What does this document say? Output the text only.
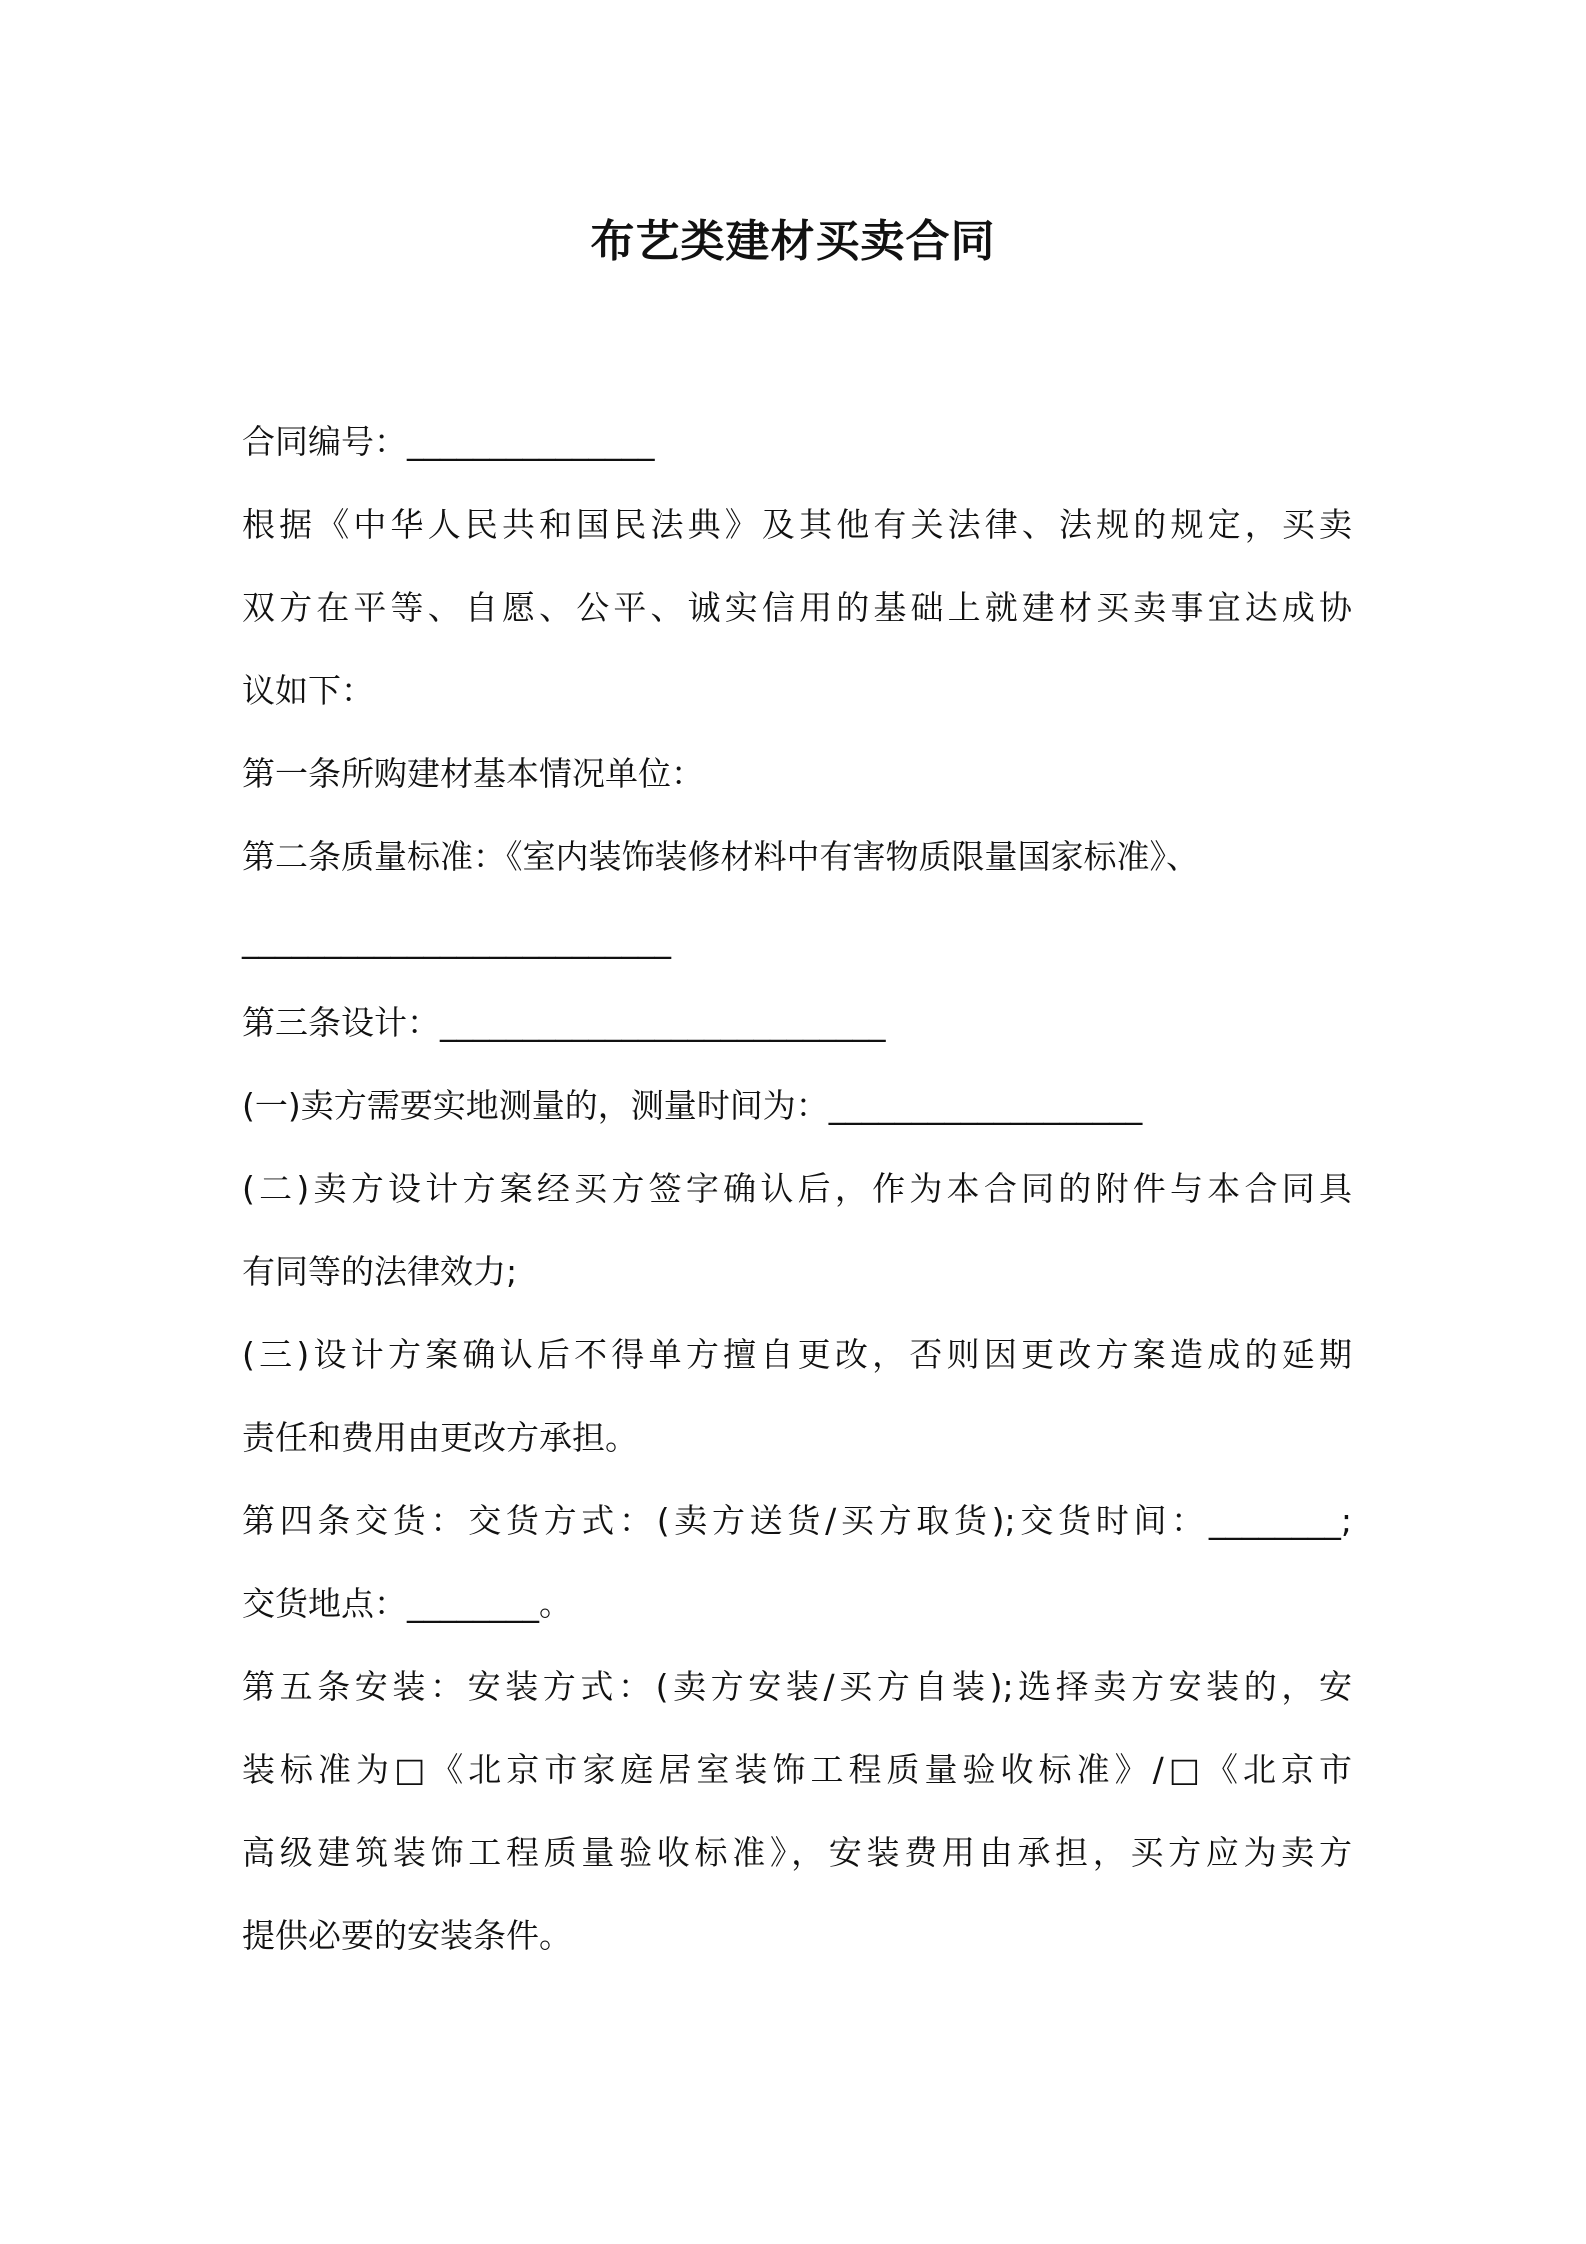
布艺类建材买卖合同
合同编号：_______________
根据《中华人民共和国民法典》及其他有关法律、法规的规定，买卖
双方在平等、自愿、公平、诚实信用的基础上就建材买卖事宜达成协
议如下：
第一条所购建材基本情况单位：
第二条质量标准：《室内装饰装修材料中有害物质限量国家标准》、
__________________________
第三条设计：___________________________
(一)卖方需要实地测量的，测量时间为：___________________
(二)卖方设计方案经买方签字确认后，作为本合同的附件与本合同具
有同等的法律效力;
(三)设计方案确认后不得单方擅自更改，否则因更改方案造成的延期
责任和费用由更改方承担。
第四条交货：交货方式：(卖方送货/买方取货);交货时间：________;
交货地点：________。
第五条安装：安装方式：(卖方安装/买方自装);选择卖方安装的，安
装标准为□《北京市家庭居室装饰工程质量验收标准》/□《北京市
高级建筑装饰工程质量验收标准》，安装费用由承担，买方应为卖方
提供必要的安装条件。
